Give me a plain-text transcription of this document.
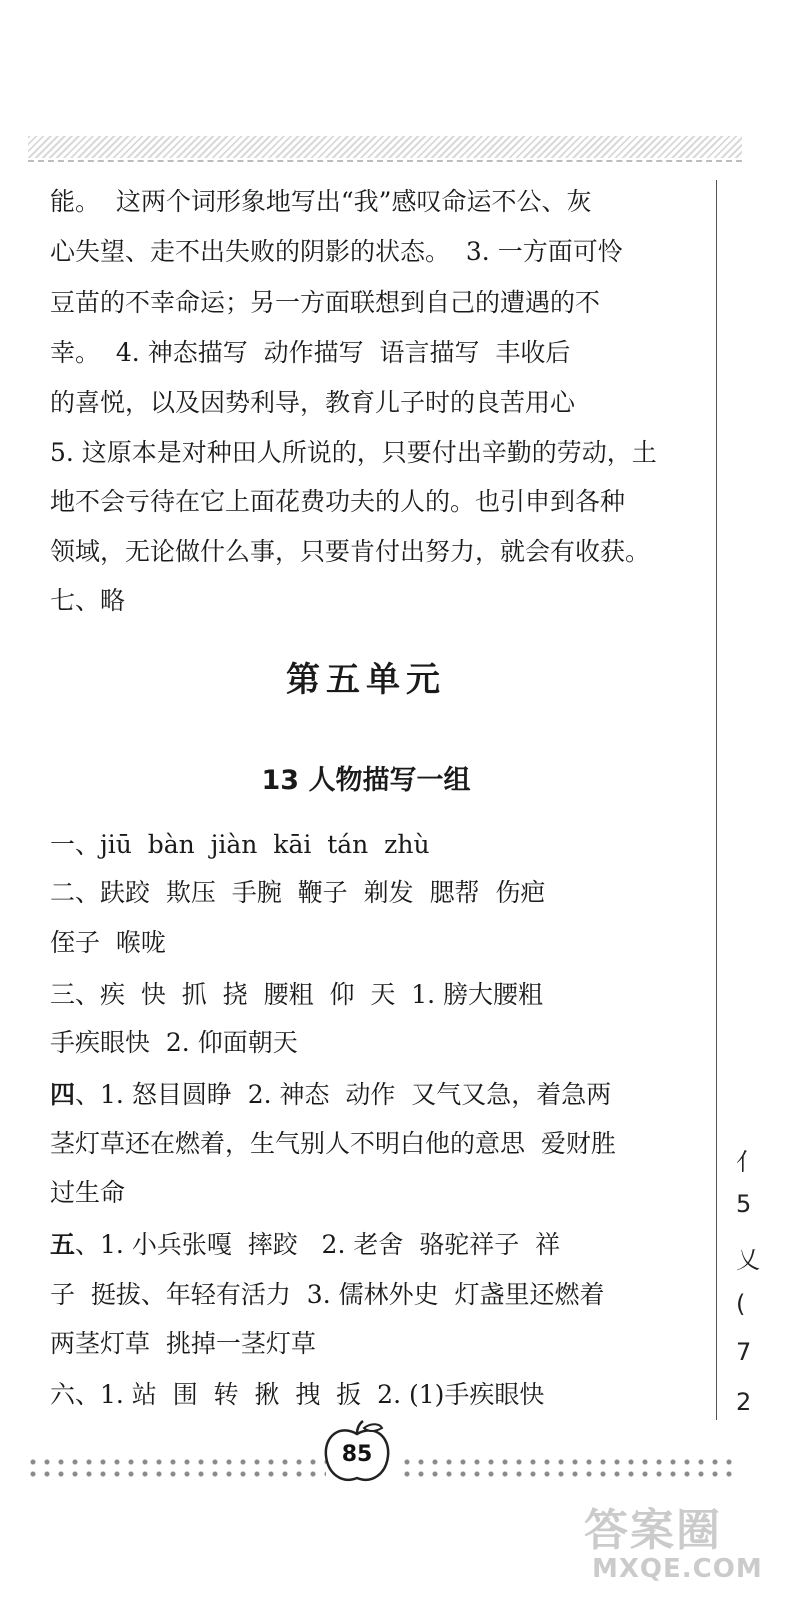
能。  这两个词形象地写出“我”感叹命运不公、灰
心失望、走不出失败的阴影的状态。  3. 一方面可怜
豆苗的不幸命运；另一方面联想到自己的遭遇的不
幸。  4. 神态描写  动作描写  语言描写  丰收后
的喜悦，以及因势利导，教育儿子时的良苦用心
5. 这原本是对种田人所说的，只要付出辛勤的劳动，土
地不会亏待在它上面花费功夫的人的。也引申到各种
领域，无论做什么事，只要肯付出努力，就会有收获。
七、略
第五单元
13 人物描写一组
一、jiū  bàn  jiàn  kāi  tán  zhù
二、趺跤  欺压  手腕  鞭子  剃发  腮帮  伤疤
侄子  喉咙
三、疾  快  抓  挠  腰粗  仰  天  1. 膀大腰粗
手疾眼快  2. 仰面朝天
四、1. 怒目圆睁  2. 神态  动作  又气又急，着急两
茎灯草还在燃着，生气别人不明白他的意思  爱财胜
过生命
五、1. 小兵张嘎  摔跤   2. 老舍  骆驼祥子  祥
子  挺拔、年轻有活力  3. 儒林外史  灯盏里还燃着
两茎灯草  挑掉一茎灯草
六、1. 站  围  转  揪  拽  扳  2. (1)手疾眼快
亻
5
乂
(
7
2
85
答案圈
MXQE.COM
